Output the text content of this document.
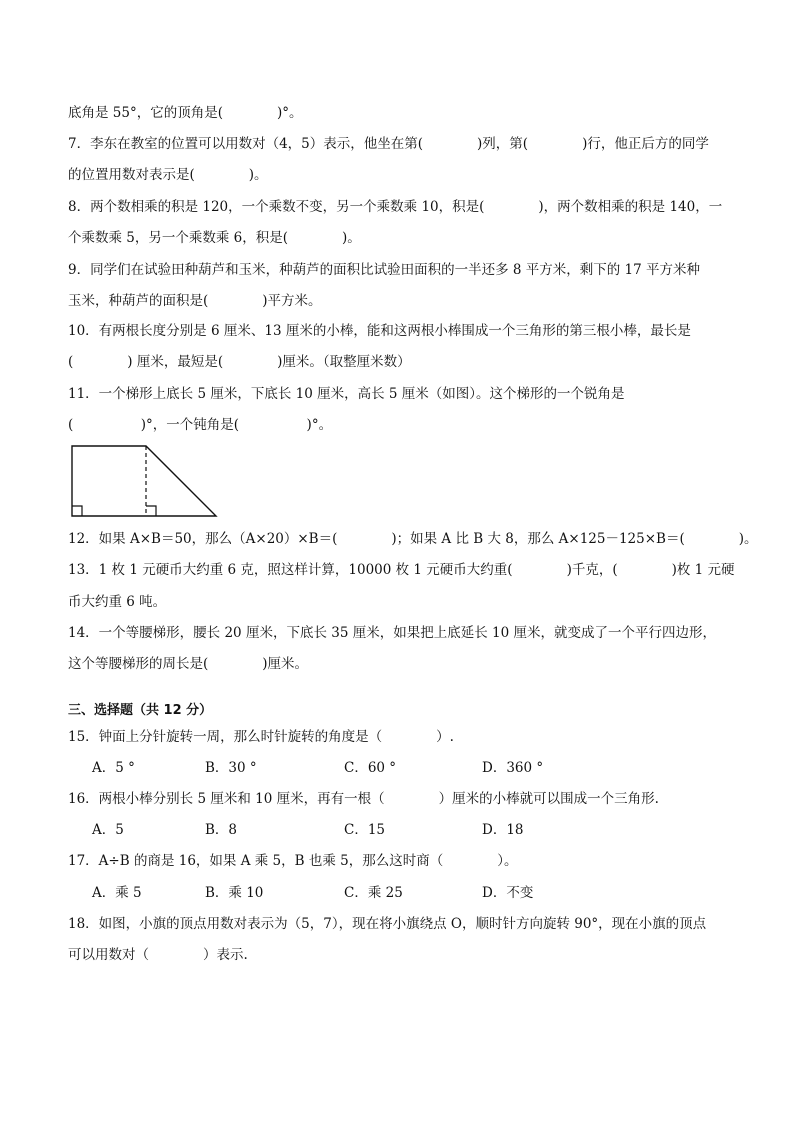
底角是 55°，它的顶角是(　　　　)°。
7．李东在教室的位置可以用数对（4，5）表示，他坐在第(　　　　)列，第(　　　　)行，他正后方的同学
的位置用数对表示是(　　　　)。
8．两个数相乘的积是 120，一个乘数不变，另一个乘数乘 10，积是(　　　　)，两个数相乘的积是 140，一
个乘数乘 5，另一个乘数乘 6，积是(　　　　)。
9．同学们在试验田种葫芦和玉米，种葫芦的面积比试验田面积的一半还多 8 平方米，剩下的 17 平方米种
玉米，种葫芦的面积是(　　　　)平方米。
10．有两根长度分别是 6 厘米、13 厘米的小棒，能和这两根小棒围成一个三角形的第三根小棒，最长是
(　　　　) 厘米，最短是(　　　　)厘米。（取整厘米数）
11．一个梯形上底长 5 厘米，下底长 10 厘米，高长 5 厘米（如图）。这个梯形的一个锐角是
(　　　　　)°，一个钝角是(　　　　　)°。
12．如果 A×B＝50，那么（A×20）×B＝(　　　　)；如果 A 比 B 大 8，那么 A×125－125×B＝(　　　　)。
13．1 枚 1 元硬币大约重 6 克，照这样计算，10000 枚 1 元硬币大约重(　　　　)千克，(　　　　)枚 1 元硬
币大约重 6 吨。
14．一个等腰梯形，腰长 20 厘米，下底长 35 厘米，如果把上底延长 10 厘米，就变成了一个平行四边形，
这个等腰梯形的周长是(　　　　)厘米。
三、选择题（共 12 分）
15．钟面上分针旋转一周，那么时针旋转的角度是（　　　　）.
A．5 °	B．30 °	C．60 °	D．360 °
16．两根小棒分别长 5 厘米和 10 厘米，再有一根（　　　　）厘米的小棒就可以围成一个三角形.
A．5	B．8	C．15	D．18
17．A÷B 的商是 16，如果 A 乘 5，B 也乘 5，那么这时商（　　　　）。
A．乘 5	B．乘 10	C．乘 25	D．不变
18．如图，小旗的顶点用数对表示为（5，7），现在将小旗绕点 O，顺时针方向旋转 90°，现在小旗的顶点
可以用数对（　　　　）表示.
